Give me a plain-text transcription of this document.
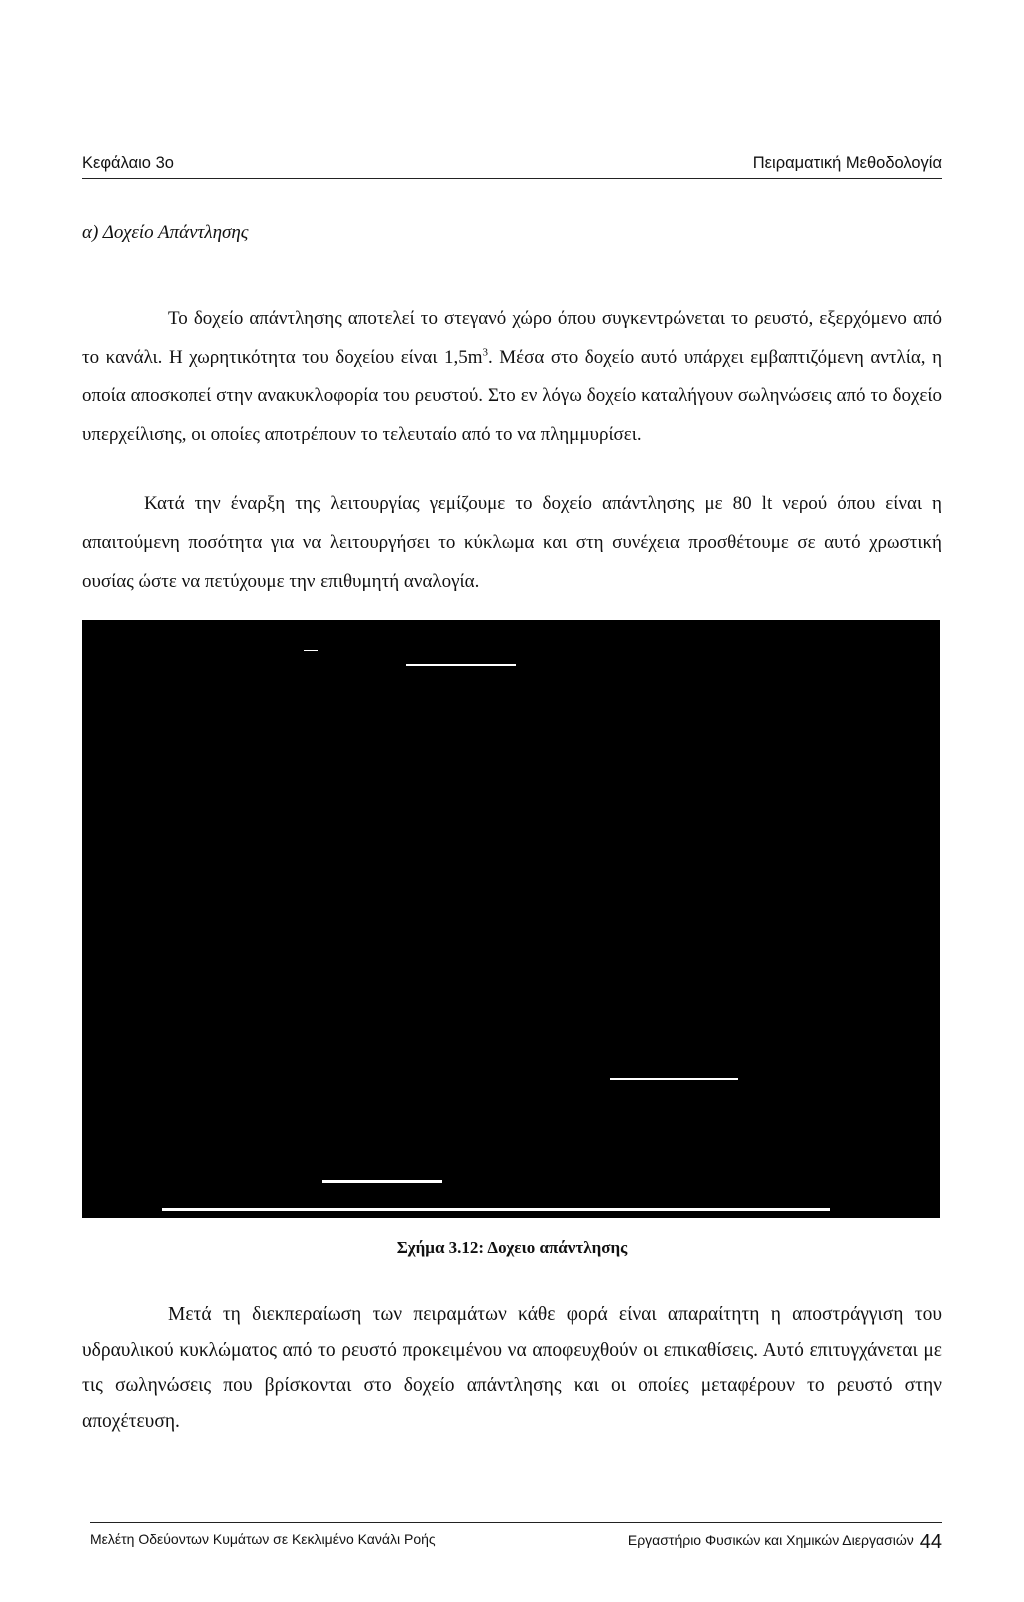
Κεφάλαιο 3ο	Πειραματική Μεθοδολογία
α) Δοχείο Απάντλησης

Το δοχείο απάντλησης αποτελεί το στεγανό χώρο όπου συγκεντρώνεται το ρευστό, εξερχόμενο από το κανάλι. Η χωρητικότητα του δοχείου είναι $1,5m^3$. Μέσα στο δοχείο αυτό υπάρχει εμβαπτιζόμενη αντλία, η οποία αποσκοπεί στην ανακυκλοφορία του ρευστού. Στο εν λόγω δοχείο καταλήγουν σωληνώσεις από το δοχείο υπερχείλισης, οι οποίες αποτρέπουν το τελευταίο από το να πλημμυρίσει.

Κατά την έναρξη της λειτουργίας γεμίζουμε το δοχείο απάντλησης με 80 lt νερού όπου είναι η απαιτούμενη ποσότητα για να λειτουργήσει το κύκλωμα και στη συνέχεια προσθέτουμε σε αυτό χρωστική ουσίας ώστε να πετύχουμε την επιθυμητή αναλογία.

Σχήμα 3.12: Δοχειο απάντλησης

Μετά τη διεκπεραίωση των πειραμάτων κάθε φορά είναι απαραίτητη η αποστράγγιση του υδραυλικού κυκλώματος από το ρευστό προκειμένου να αποφευχθούν οι επικαθίσεις. Αυτό επιτυγχάνεται με τις σωληνώσεις που βρίσκονται στο δοχείο απάντλησης και οι οποίες μεταφέρουν το ρευστό στην αποχέτευση.

Μελέτη Οδεύοντων Κυμάτων σε Κεκλιμένο Κανάλι Ροής	Εργαστήριο Φυσικών και Χημικών Διεργασιών 44
